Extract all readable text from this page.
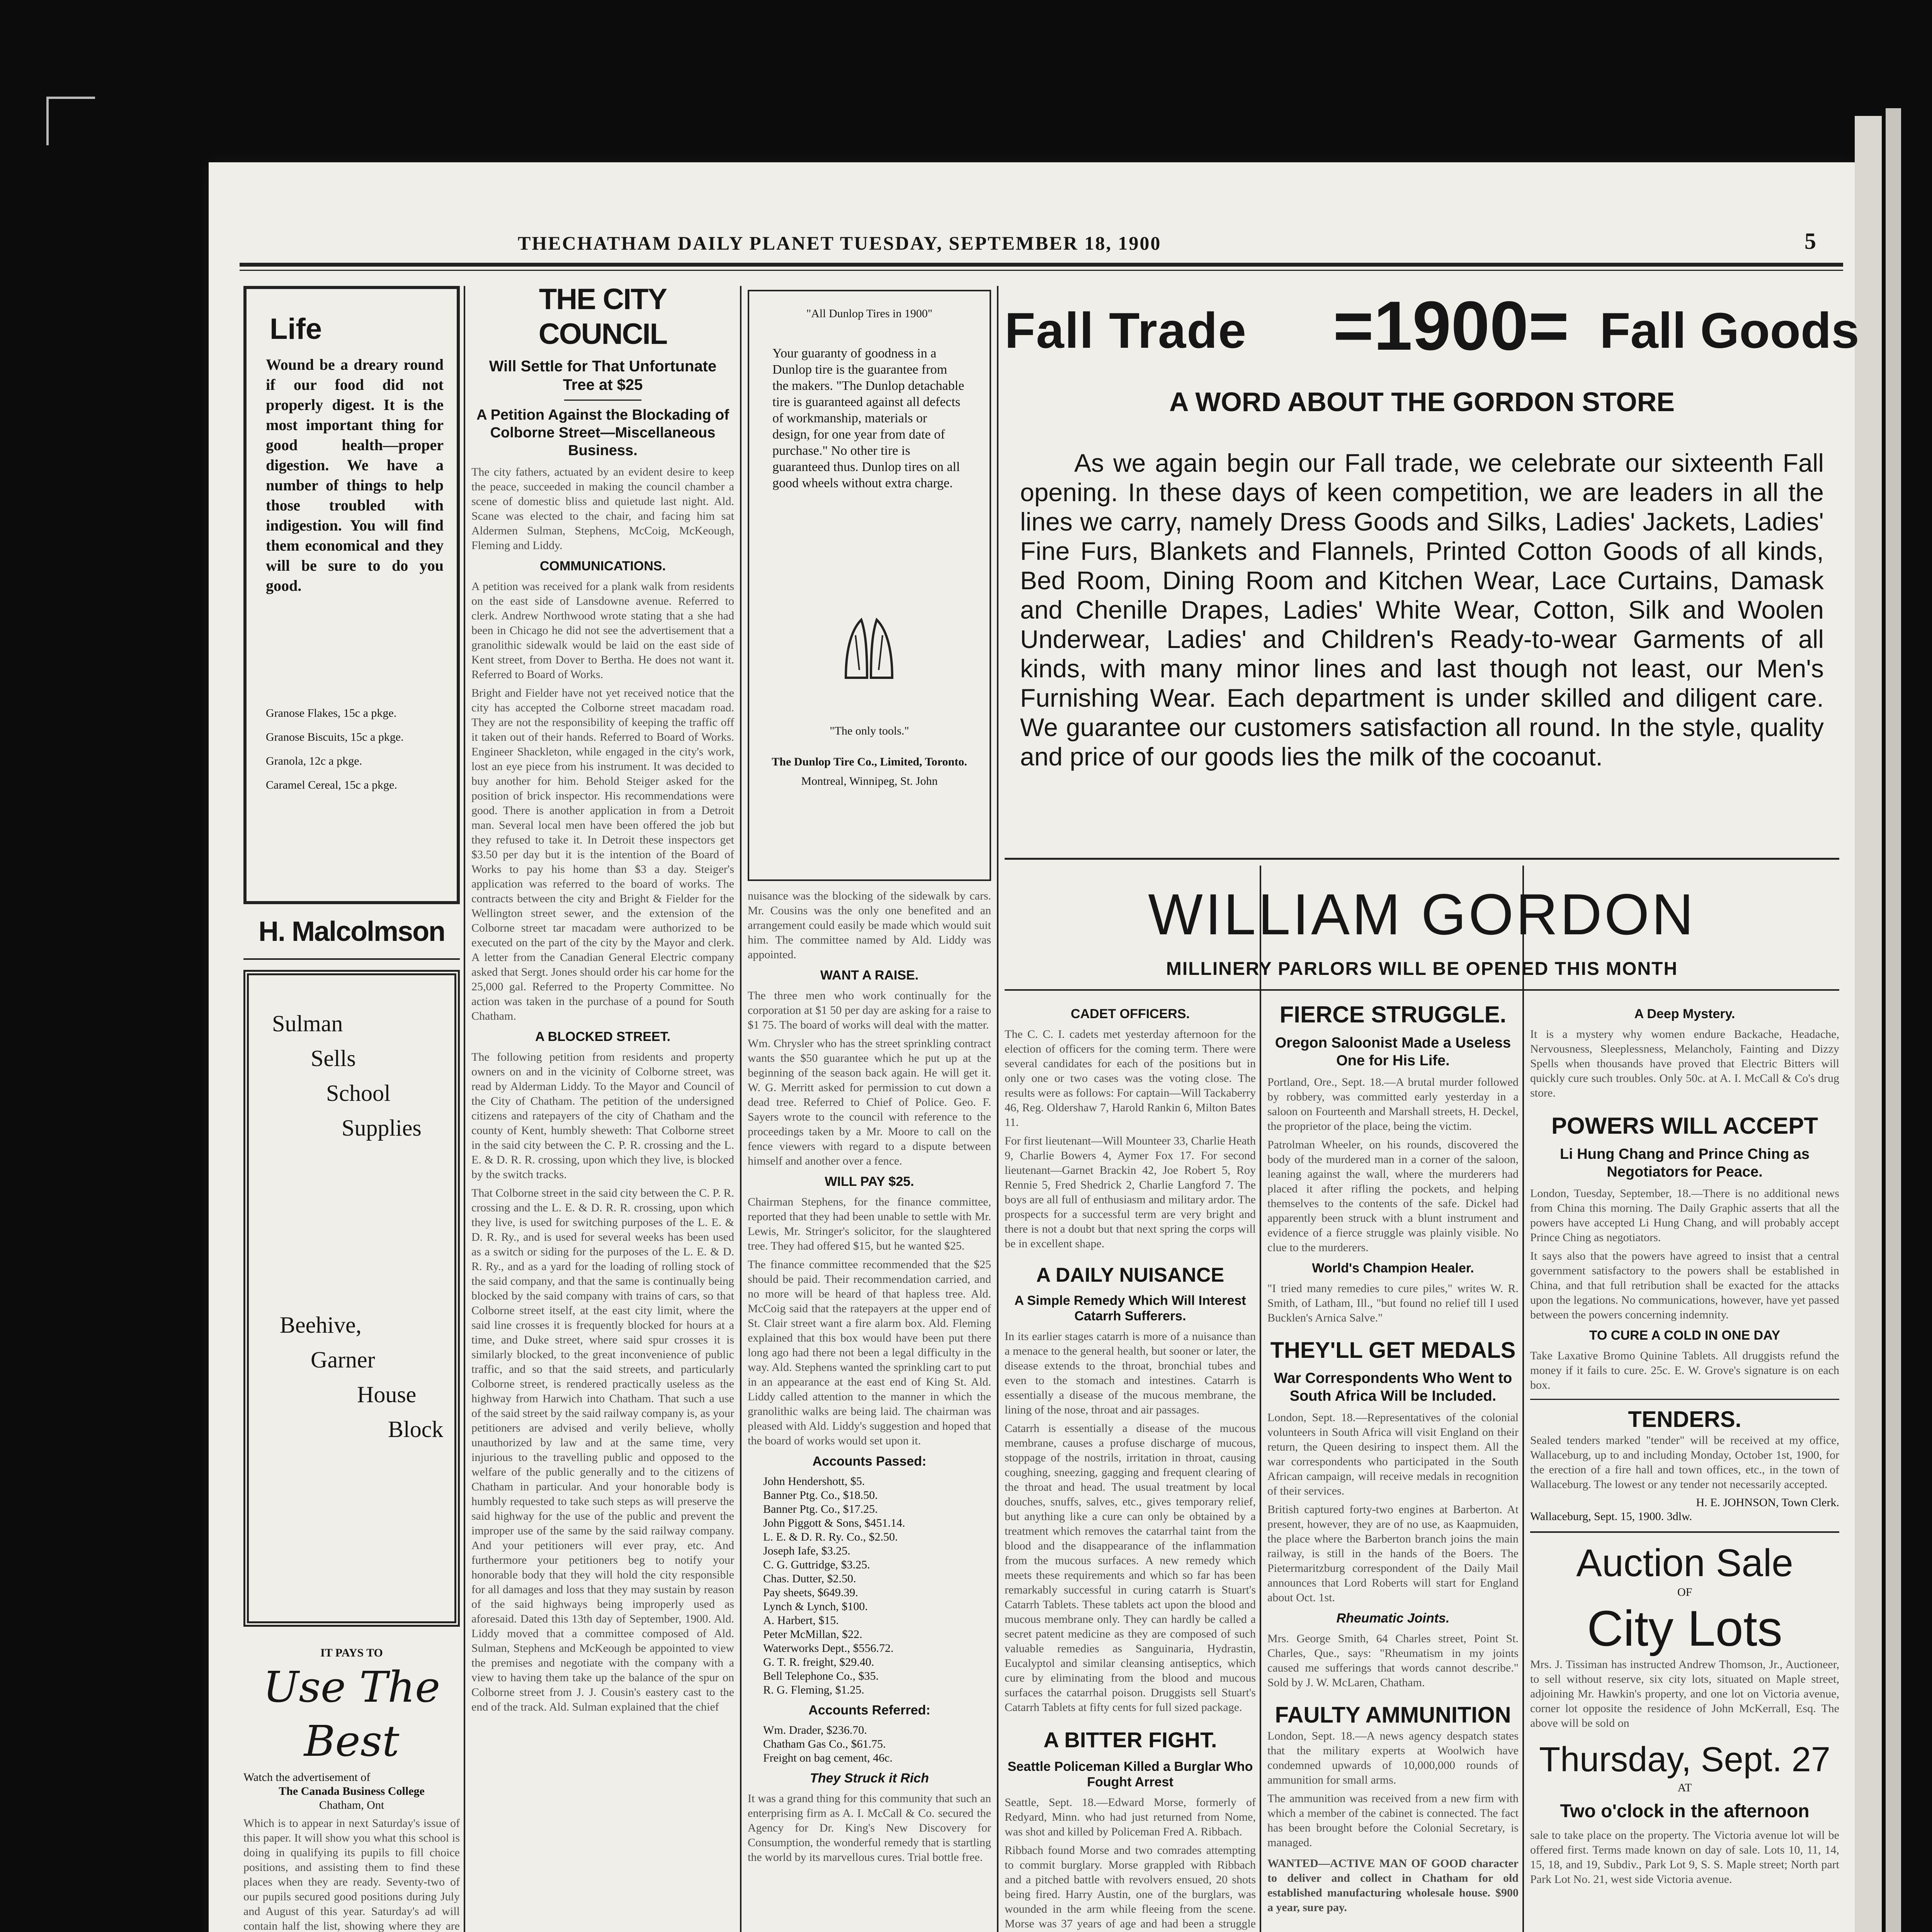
THECHATHAM DAILY PLANET TUESDAY, SEPTEMBER 18, 1900	5
Life
Wound be a dreary round if our food did not properly digest. It is the most important thing for good health—proper digestion. We have a number of things to help those troubled with indigestion. You will find them economical and they will be sure to do you good.
Granose Flakes, 15c a pkge.
Granose Biscuits, 15c a pkge.
Granola, 12c a pkge.
Caramel Cereal, 15c a pkge.
H. Malcolmson
Sulman
Sells
School
Supplies
Beehive,
Garner
House
Block
IT PAYS TO
Use The Best
Watch the advertisement of
The Canada Business College
Chatham, Ont
Which is to appear in next Saturday's issue of this paper. It will show you what this school is doing in qualifying its pupils to fill choice positions, and assisting them to find these places when they are ready. Seventy-two of our pupils secured good positions during July and August of this year. Saturday's ad will contain half the list, showing where they are
THE CITY COUNCIL
Will Settle for That Unfortunate Tree at $25
A Petition Against the Blockading of Colborne Street—Miscellaneous Business.
The city fathers, actuated by an evident desire to keep the peace, succeeded in making the council chamber a scene of domestic bliss and quietude last night. Ald. Scane was elected to the chair, and facing him sat Aldermen Sulman, Stephens, McCoig, McKeough, Fleming and Liddy.
COMMUNICATIONS.
A petition was received for a plank walk from residents on the east side of Lansdowne avenue. Referred to clerk. Andrew Northwood wrote stating that a she had been in Chicago he did not see the advertisement that a granolithic sidewalk would be laid on the east side of Kent street, from Dover to Bertha. He does not want it. Referred to Board of Works.
Bright and Fielder have not yet received notice that the city has accepted the Colborne street macadam road. They are not the responsibility of keeping the traffic off it taken out of their hands. Referred to Board of Works. Engineer Shackleton, while engaged in the city's work, lost an eye piece from his instrument. It was decided to buy another for him. Behold Steiger asked for the position of brick inspector. His recommendations were good. There is another application in from a Detroit man. Several local men have been offered the job but they refused to take it. In Detroit these inspectors get $3.50 per day but it is the intention of the Board of Works to pay his home than $3 a day. Steiger's application was referred to the board of works. The contracts between the city and Bright & Fielder for the Wellington street sewer, and the extension of the Colborne street tar macadam were authorized to be executed on the part of the city by the Mayor and clerk. A letter from the Canadian General Electric company asked that Sergt. Jones should order his car home for the 25,000 gal. Referred to the Property Committee. No action was taken in the purchase of a pound for South Chatham.
A BLOCKED STREET.
The following petition from residents and property owners on and in the vicinity of Colborne street, was read by Alderman Liddy. To the Mayor and Council of the City of Chatham. The petition of the undersigned citizens and ratepayers of the city of Chatham and the county of Kent, humbly sheweth: That Colborne street in the said city between the C. P. R. crossing and the L. E. & D. R. R. crossing, upon which they live, is blocked by the switch tracks.
That Colborne street in the said city between the C. P. R. crossing and the L. E. & D. R. R. crossing, upon which they live, is used for switching purposes of the L. E. & D. R. Ry., and is used for several weeks has been used as a switch or siding for the purposes of the L. E. & D. R. Ry., and as a yard for the loading of rolling stock of the said company, and that the same is continually being blocked by the said company with trains of cars, so that Colborne street itself, at the east city limit, where the said line crosses it is frequently blocked for hours at a time, and Duke street, where said spur crosses it is similarly blocked, to the great inconvenience of public traffic, and so that the said streets, and particularly Colborne street, is rendered practically useless as the highway from Harwich into Chatham. That such a use of the said street by the said railway company is, as your petitioners are advised and verily believe, wholly unauthorized by law and at the same time, very injurious to the travelling public and opposed to the welfare of the public generally and to the citizens of Chatham in particular. And your honorable body is humbly requested to take such steps as will preserve the said highway for the use of the public and prevent the improper use of the same by the said railway company. And your petitioners will ever pray, etc. And furthermore your petitioners beg to notify your honorable body that they will hold the city responsible for all damages and loss that they may sustain by reason of the said highways being improperly used as aforesaid. Dated this 13th day of September, 1900. Ald. Liddy moved that a committee composed of Ald. Sulman, Stephens and McKeough be appointed to view the premises and negotiate with the company with a view to having them take up the balance of the spur on Colborne street from J. J. Cousin's eastery cast to the end of the track. Ald. Sulman explained that the chief
"All Dunlop Tires in 1900"
Your guaranty of goodness in a Dunlop tire is the guarantee from the makers. "The Dunlop detachable tire is guaranteed against all defects of workmanship, materials or design, for one year from date of purchase." No other tire is guaranteed thus. Dunlop tires on all good wheels without extra charge.
"The only tools."
The Dunlop Tire Co., Limited, Toronto.
Montreal, Winnipeg, St. John
nuisance was the blocking of the sidewalk by cars. Mr. Cousins was the only one benefited and an arrangement could easily be made which would suit him. The committee named by Ald. Liddy was appointed.
WANT A RAISE.
The three men who work continually for the corporation at $1 50 per day are asking for a raise to $1 75. The board of works will deal with the matter.
Wm. Chrysler who has the street sprinkling contract wants the $50 guarantee which he put up at the beginning of the season back again. He will get it. W. G. Merritt asked for permission to cut down a dead tree. Referred to Chief of Police. Geo. F. Sayers wrote to the council with reference to the proceedings taken by a Mr. Moore to call on the fence viewers with regard to a dispute between himself and another over a fence.
WILL PAY $25.
Chairman Stephens, for the finance committee, reported that they had been unable to settle with Mr. Lewis, Mr. Stringer's solicitor, for the slaughtered tree. They had offered $15, but he wanted $25.
The finance committee recommended that the $25 should be paid. Their recommendation carried, and no more will be heard of that hapless tree. Ald. McCoig said that the ratepayers at the upper end of St. Clair street want a fire alarm box. Ald. Fleming explained that this box would have been put there long ago had there not been a legal difficulty in the way. Ald. Stephens wanted the sprinkling cart to put in an appearance at the east end of King St. Ald. Liddy called attention to the manner in which the granolithic walks are being laid. The chairman was pleased with Ald. Liddy's suggestion and hoped that the board of works would set upon it.
Accounts Passed:
John Hendershott, $5.
Banner Ptg. Co., $18.50.
Banner Ptg. Co., $17.25.
John Piggott & Sons, $451.14.
L. E. & D. R. Ry. Co., $2.50.
Joseph Iafe, $3.25.
C. G. Guttridge, $3.25.
Chas. Dutter, $2.50.
Pay sheets, $649.39.
Lynch & Lynch, $100.
A. Harbert, $15.
Peter McMillan, $22.
Waterworks Dept., $556.72.
G. T. R. freight, $29.40.
Bell Telephone Co., $35.
R. G. Fleming, $1.25.
Accounts Referred:
Wm. Drader, $236.70.
Chatham Gas Co., $61.75.
Freight on bag cement, 46c.
They Struck it Rich
It was a grand thing for this community that such an enterprising firm as A. I. McCall & Co. secured the Agency for Dr. King's New Discovery for Consumption, the wonderful remedy that is startling the world by its marvellous cures. Trial bottle free.
Fall Trade =1900= Fall Goods
A WORD ABOUT THE GORDON STORE
As we again begin our Fall trade, we celebrate our sixteenth Fall opening. In these days of keen competition, we are leaders in all the lines we carry, namely Dress Goods and Silks, Ladies' Jackets, Ladies' Fine Furs, Blankets and Flannels, Printed Cotton Goods of all kinds, Bed Room, Dining Room and Kitchen Wear, Lace Curtains, Damask and Chenille Drapes, Ladies' White Wear, Cotton, Silk and Woolen Underwear, Ladies' and Children's Ready-to-wear Garments of all kinds, with many minor lines and last though not least, our Men's Furnishing Wear. Each department is under skilled and diligent care. We guarantee our customers satisfaction all round. In the style, quality and price of our goods lies the milk of the cocoanut.
WILLIAM GORDON
MILLINERY PARLORS WILL BE OPENED THIS MONTH
CADET OFFICERS.
The C. C. I. cadets met yesterday afternoon for the election of officers for the coming term. There were several candidates for each of the positions but in only one or two cases was the voting close. The results were as follows: For captain—Will Tackaberry 46, Reg. Oldershaw 7, Harold Rankin 6, Milton Bates 11.
For first lieutenant—Will Mounteer 33, Charlie Heath 9, Charlie Bowers 4, Aymer Fox 17. For second lieutenant—Garnet Brackin 42, Joe Robert 5, Roy Rennie 5, Fred Shedrick 2, Charlie Langford 7. The boys are all full of enthusiasm and military ardor. The prospects for a successful term are very bright and there is not a doubt but that next spring the corps will be in excellent shape.
A DAILY NUISANCE
A Simple Remedy Which Will Interest Catarrh Sufferers.
In its earlier stages catarrh is more of a nuisance than a menace to the general health, but sooner or later, the disease extends to the throat, bronchial tubes and even to the stomach and intestines. Catarrh is essentially a disease of the mucous membrane, the lining of the nose, throat and air passages.
Catarrh is essentially a disease of the mucous membrane, causes a profuse discharge of mucous, stoppage of the nostrils, irritation in throat, causing coughing, sneezing, gagging and frequent clearing of the throat and head. The usual treatment by local douches, snuffs, salves, etc., gives temporary relief, but anything like a cure can only be obtained by a treatment which removes the catarrhal taint from the blood and the disappearance of the inflammation from the mucous surfaces. A new remedy which meets these requirements and which so far has been remarkably successful in curing catarrh is Stuart's Catarrh Tablets. These tablets act upon the blood and mucous membrane only. They can hardly be called a secret patent medicine as they are composed of such valuable remedies as Sanguinaria, Hydrastin, Eucalyptol and similar cleansing antiseptics, which cure by eliminating from the blood and mucous surfaces the catarrhal poison. Druggists sell Stuart's Catarrh Tablets at fifty cents for full sized package.
A BITTER FIGHT.
Seattle Policeman Killed a Burglar Who Fought Arrest
Seattle, Sept. 18.—Edward Morse, formerly of Redyard, Minn. who had just returned from Nome, was shot and killed by Policeman Fred A. Ribbach.
Ribbach found Morse and two comrades attempting to commit burglary. Morse grappled with Ribbach and a pitched battle with revolvers ensued, 20 shots being fired. Harry Austin, one of the burglars, was wounded in the arm while fleeing from the scene. Morse was 37 years of age and had been a struggle
FIERCE STRUGGLE.
Oregon Saloonist Made a Useless One for His Life.
Portland, Ore., Sept. 18.—A brutal murder followed by robbery, was committed early yesterday in a saloon on Fourteenth and Marshall streets, H. Deckel, the proprietor of the place, being the victim.
Patrolman Wheeler, on his rounds, discovered the body of the murdered man in a corner of the saloon, leaning against the wall, where the murderers had placed it after rifling the pockets, and helping themselves to the contents of the safe. Dickel had apparently been struck with a blunt instrument and evidence of a fierce struggle was plainly visible. No clue to the murderers.
World's Champion Healer.
"I tried many remedies to cure piles," writes W. R. Smith, of Latham, Ill., "but found no relief till I used Bucklen's Arnica Salve."
THEY'LL GET MEDALS
War Correspondents Who Went to South Africa Will be Included.
London, Sept. 18.—Representatives of the colonial volunteers in South Africa will visit England on their return, the Queen desiring to inspect them. All the war correspondents who participated in the South African campaign, will receive medals in recognition of their services.
British captured forty-two engines at Barberton. At present, however, they are of no use, as Kaapmuiden, the place where the Barberton branch joins the main railway, is still in the hands of the Boers. The Pietermaritzburg correspondent of the Daily Mail announces that Lord Roberts will start for England about Oct. 1st.
Rheumatic Joints.
Mrs. George Smith, 64 Charles street, Point St. Charles, Que., says: "Rheumatism in my joints caused me sufferings that words cannot describe." Sold by J. W. McLaren, Chatham.
FAULTY AMMUNITION
London, Sept. 18.—A news agency despatch states that the military experts at Woolwich have condemned upwards of 10,000,000 rounds of ammunition for small arms.
The ammunition was received from a new firm with which a member of the cabinet is connected. The fact has been brought before the Colonial Secretary, is managed.
WANTED—ACTIVE MAN OF GOOD character to deliver and collect in Chatham for old established manufacturing wholesale house. $900 a year, sure pay.
A Deep Mystery.
It is a mystery why women endure Backache, Headache, Nervousness, Sleeplessness, Melancholy, Fainting and Dizzy Spells when thousands have proved that Electric Bitters will quickly cure such troubles. Only 50c. at A. I. McCall & Co's drug store.
POWERS WILL ACCEPT
Li Hung Chang and Prince Ching as Negotiators for Peace.
London, Tuesday, September, 18.—There is no additional news from China this morning. The Daily Graphic asserts that all the powers have accepted Li Hung Chang, and will probably accept Prince Ching as negotiators.
It says also that the powers have agreed to insist that a central government satisfactory to the powers shall be established in China, and that full retribution shall be exacted for the attacks upon the legations. No communications, however, have yet passed between the powers concerning indemnity.
TO CURE A COLD IN ONE DAY
Take Laxative Bromo Quinine Tablets. All druggists refund the money if it fails to cure. 25c. E. W. Grove's signature is on each box.
TENDERS.
Sealed tenders marked "tender" will be received at my office, Wallaceburg, up to and including Monday, October 1st, 1900, for the erection of a fire hall and town offices, etc., in the town of Wallaceburg. The lowest or any tender not necessarily accepted.
H. E. JOHNSON, Town Clerk.
Wallaceburg, Sept. 15, 1900. 3dlw.
Auction Sale
OF
City Lots
Mrs. J. Tissiman has instructed Andrew Thomson, Jr., Auctioneer, to sell without reserve, six city lots, situated on Maple street, adjoining Mr. Hawkin's property, and one lot on Victoria avenue, corner lot opposite the residence of John McKerrall, Esq. The above will be sold on
Thursday, Sept. 27
AT
Two o'clock in the afternoon
sale to take place on the property. The Victoria avenue lot will be offered first. Terms made known on day of sale. Lots 10, 11, 14, 15, 18, and 19, Subdiv., Park Lot 9, S. S. Maple street; North part Park Lot No. 21, west side Victoria avenue.
